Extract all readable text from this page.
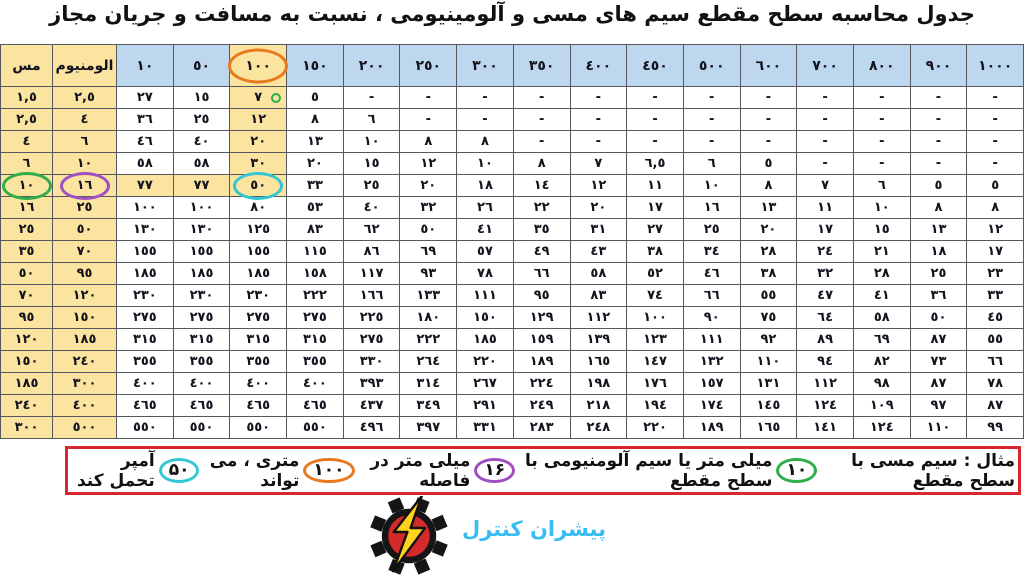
جدول محاسبه سطح مقطع سیم های مسی و آلومینیومی ، نسبت به مسافت و جریان مجاز
مس	الومنیوم	١٠	٥٠	١٠٠	١٥٠	٢٠٠	٢٥٠	٣٠٠	٣٥٠	٤٠٠	٤٥٠	٥٠٠	٦٠٠	٧٠٠	٨٠٠	٩٠٠	١٠٠٠
١,٥	٢,٥	٢٧	١٥	٧	٥	-	-	-	-	-	-	-	-	-	-	-	-
٢,٥	٤	٣٦	٢٥	١٢	٨	٦	-	-	-	-	-	-	-	-	-	-	-
٤	٦	٤٦	٤٠	٢٠	١٣	١٠	٨	٨	-	-	-	-	-	-	-	-	-
٦	١٠	٥٨	٥٨	٣٠	٢٠	١٥	١٢	١٠	٨	٧	٦,٥	٦	٥	-	-	-	-
١٠	١٦	٧٧	٧٧	٥٠	٣٣	٢٥	٢٠	١٨	١٤	١٢	١١	١٠	٨	٧	٦	٥	٥
١٦	٢٥	١٠٠	١٠٠	٨٠	٥٣	٤٠	٣٢	٢٦	٢٢	٢٠	١٧	١٦	١٣	١١	١٠	٨	٨
٢٥	٥٠	١٣٠	١٣٠	١٢٥	٨٣	٦٢	٥٠	٤١	٣٥	٣١	٢٧	٢٥	٢٠	١٧	١٥	١٣	١٢
٣٥	٧٠	١٥٥	١٥٥	١٥٥	١١٥	٨٦	٦٩	٥٧	٤٩	٤٣	٣٨	٣٤	٢٨	٢٤	٢١	١٨	١٧
٥٠	٩٥	١٨٥	١٨٥	١٨٥	١٥٨	١١٧	٩٣	٧٨	٦٦	٥٨	٥٢	٤٦	٣٨	٣٢	٢٨	٢٥	٢٣
٧٠	١٢٠	٢٣٠	٢٣٠	٢٣٠	٢٢٢	١٦٦	١٣٣	١١١	٩٥	٨٣	٧٤	٦٦	٥٥	٤٧	٤١	٣٦	٣٣
٩٥	١٥٠	٢٧٥	٢٧٥	٢٧٥	٢٧٥	٢٢٥	١٨٠	١٥٠	١٢٩	١١٢	١٠٠	٩٠	٧٥	٦٤	٥٨	٥٠	٤٥
١٢٠	١٨٥	٣١٥	٣١٥	٣١٥	٣١٥	٢٧٥	٢٢٢	١٨٥	١٥٩	١٣٩	١٢٣	١١١	٩٢	٨٩	٦٩	٨٧	٥٥
١٥٠	٢٤٠	٣٥٥	٣٥٥	٣٥٥	٣٥٥	٣٣٠	٢٦٤	٢٢٠	١٨٩	١٦٥	١٤٧	١٣٢	١١٠	٩٤	٨٢	٧٣	٦٦
١٨٥	٣٠٠	٤٠٠	٤٠٠	٤٠٠	٤٠٠	٣٩٣	٣١٤	٢٦٧	٢٢٤	١٩٨	١٧٦	١٥٧	١٣١	١١٢	٩٨	٨٧	٧٨
٢٤٠	٤٠٠	٤٦٥	٤٦٥	٤٦٥	٤٦٥	٤٣٧	٣٤٩	٢٩١	٢٤٩	٢١٨	١٩٤	١٧٤	١٤٥	١٢٤	١٠٩	٩٧	٨٧
٣٠٠	٥٠٠	٥٥٠	٥٥٠	٥٥٠	٥٥٠	٤٩٦	٣٩٧	٣٣١	٢٨٣	٢٤٨	٢٢٠	١٨٩	١٦٥	١٤١	١٢٤	١١٠	٩٩
مثال : سیم مسی با سطح مقطع
۱۰
میلی متر یا سیم آلومنیومی با سطح مقطع
۱۶
میلی متر در فاصله
۱۰۰
متری ، می تواند
۵۰
آمپر تحمل کند
پیشران کنترل
